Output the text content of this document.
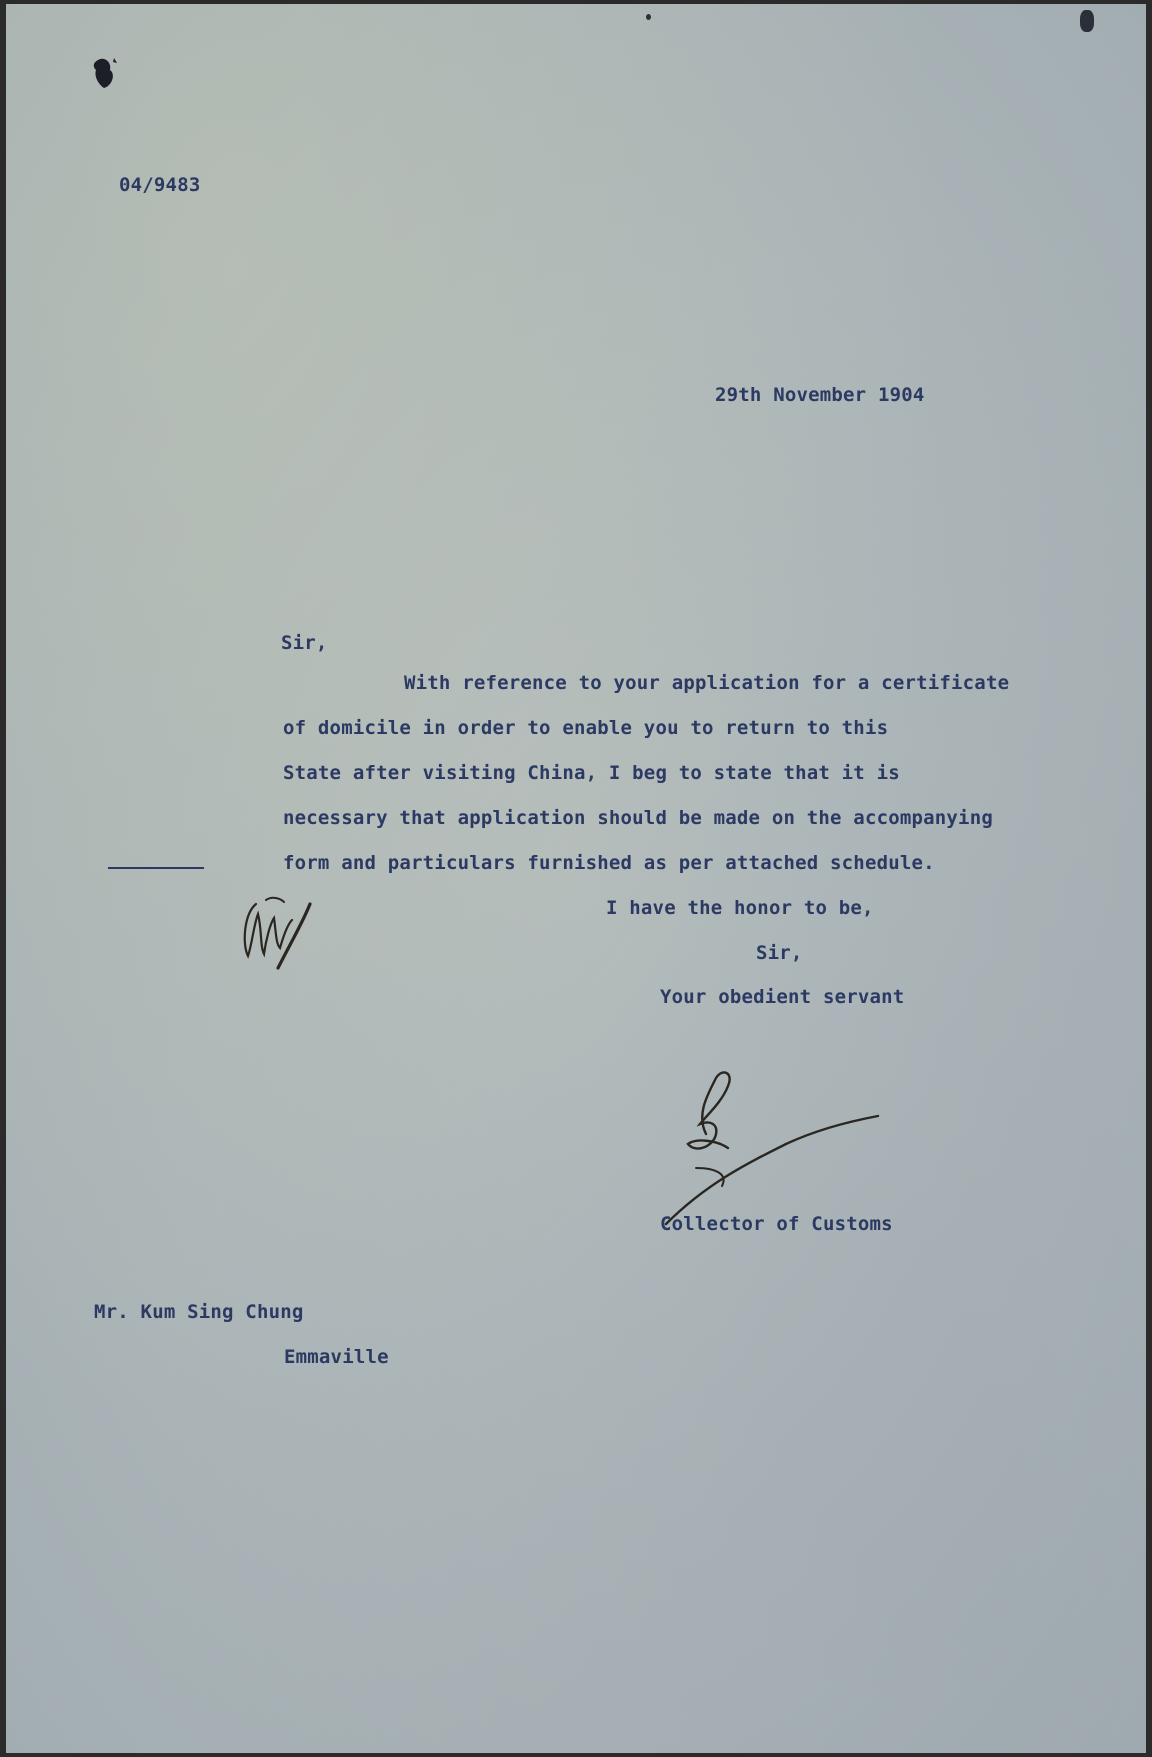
04/9483
29th November 1904
Sir,
With reference to your application for a certificate
of domicile in order to enable you to return to this
State after visiting China, I beg to state that it is
necessary that application should be made on the accompanying
form and particulars furnished as per attached schedule.
I have the honor to be,
Sir,
Your obedient servant
Collector of Customs
Mr. Kum Sing Chung
Emmaville
